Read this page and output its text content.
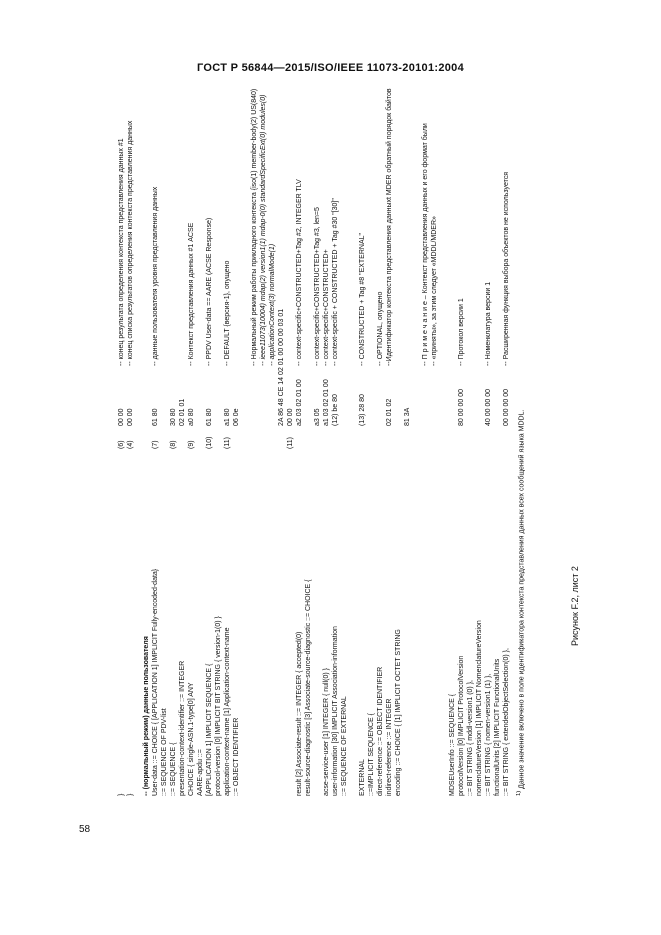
ГОСТ Р 56844—2015/ISO/IEEE 11073-20101:2004
58
}
(6)
00 00
-- конец результата определения контекста представления данных #1
}
(4)
00 00
-- конец списка результатов определения контекста представления данных
-- (нормальный режим) данные пользователя User-data ::= CHOICE { [APPLICATION 1] IMPLICIT Fully-encoded-data}
(7)
61 80
-- данные пользователя уровня представления данных
::= SEQUENCE OF PDV-list ::= SEQUENCE {
(8)
30 80
presentation-context-identifier ::= INTEGER
02 01 01
CHOICE { single-ASN.1-type[0] ANY
(9)
a0 80
-- Контекст представления данных #1 ACSE
AARE-apdu ::= [APPLICATION 1] IMPLICIT SEQUENCE {
(10)
61 80
-- PPDV User-data == AARE (ACSE Response)
protocol-version [0] IMPLICIT BIT STRING { version-1(0) } application-context-name [1] Application-context-name
(11)
a1 80
-- DEFAULT {версия-1}, опущено
::= OBJECT IDENTIFIER
06 0e
-- Нормальный режим работы прикладного контекста {iso(1) member-body(2) US(840) -- ieee11073(10004) mdap(2) version1(1) mdap-0(0) standardSpecificExt(0) modules(0) -- applicationContext(3) normalMode(1)
2A 86 48 CE 14 02 01 00 00 00 03 01
(11)
00 00
result [2] Associate-result ::= INTEGER { accepted(0)
a2 03 02 01 00
-- context-specific+CONSTRUCTED+Tag #2, INTEGER TLV
result-source-diagnostic [3] Associate-source-diagnostic ::= CHOICE {
a3 05
-- context-specific+CONSTRUCTED+Tag #3, len=5
acse-service-user [1] INTEGER { null(0) }
a1 03 02 01 00
-- context-specific+CONSTRUCTED+
user-information [30] IMPLICIT Association-information
(12) be 80
-- context-specific + CONSTRUCTED + Tag #30 "[30]"
::= SEQUENCE OF EXTERNAL EXTERNAL
(13) 28 80
-- CONSTRUCTED + Tag #8 "EXTERNAL"
::=IMPLICIT SEQUENCE { direct-reference ::= OBJECT IDENTIFIER
-- OPTIONAL, опущено
indirect-reference ::= INTEGER
02 01 02
--Идентификатор контекста представления данныхt MDER обратный порядок байтов
encoding ::= CHOICE { [1] IMPLICIT OCTET STRING
81 3A
-- П р и м е ч а н и е – Контекст представления данных и его формат были -- «приняты», за этим следует «MDDL/MDER»
MDSEUserInfo ::= SEQUENCE { protocolVersion [0] IMPLICIT ProtocolVersion
80 00 00 00
-- Протокол версии 1
::= BIT STRING { mddl-version1 (0) }, nomenclatureVersion [1] IMPLICIT NomenclatureVersion ::= BIT STRING { nomen-version1 (1) },
40 00 00 00
-- Номенклатура версии 1
functionalUnits [2] IMPLICIT FunctionalUnits ::= BIT STRING { extendedObjectSelection(0) },
00 00 00 00
-- Расширенная функция выбора объектов не используется
$^{1)}$ Данное значение включено в поле идентификатора контекста представления данных всех сообщений языка MDDL.	Рисунок F.2, лист 2
